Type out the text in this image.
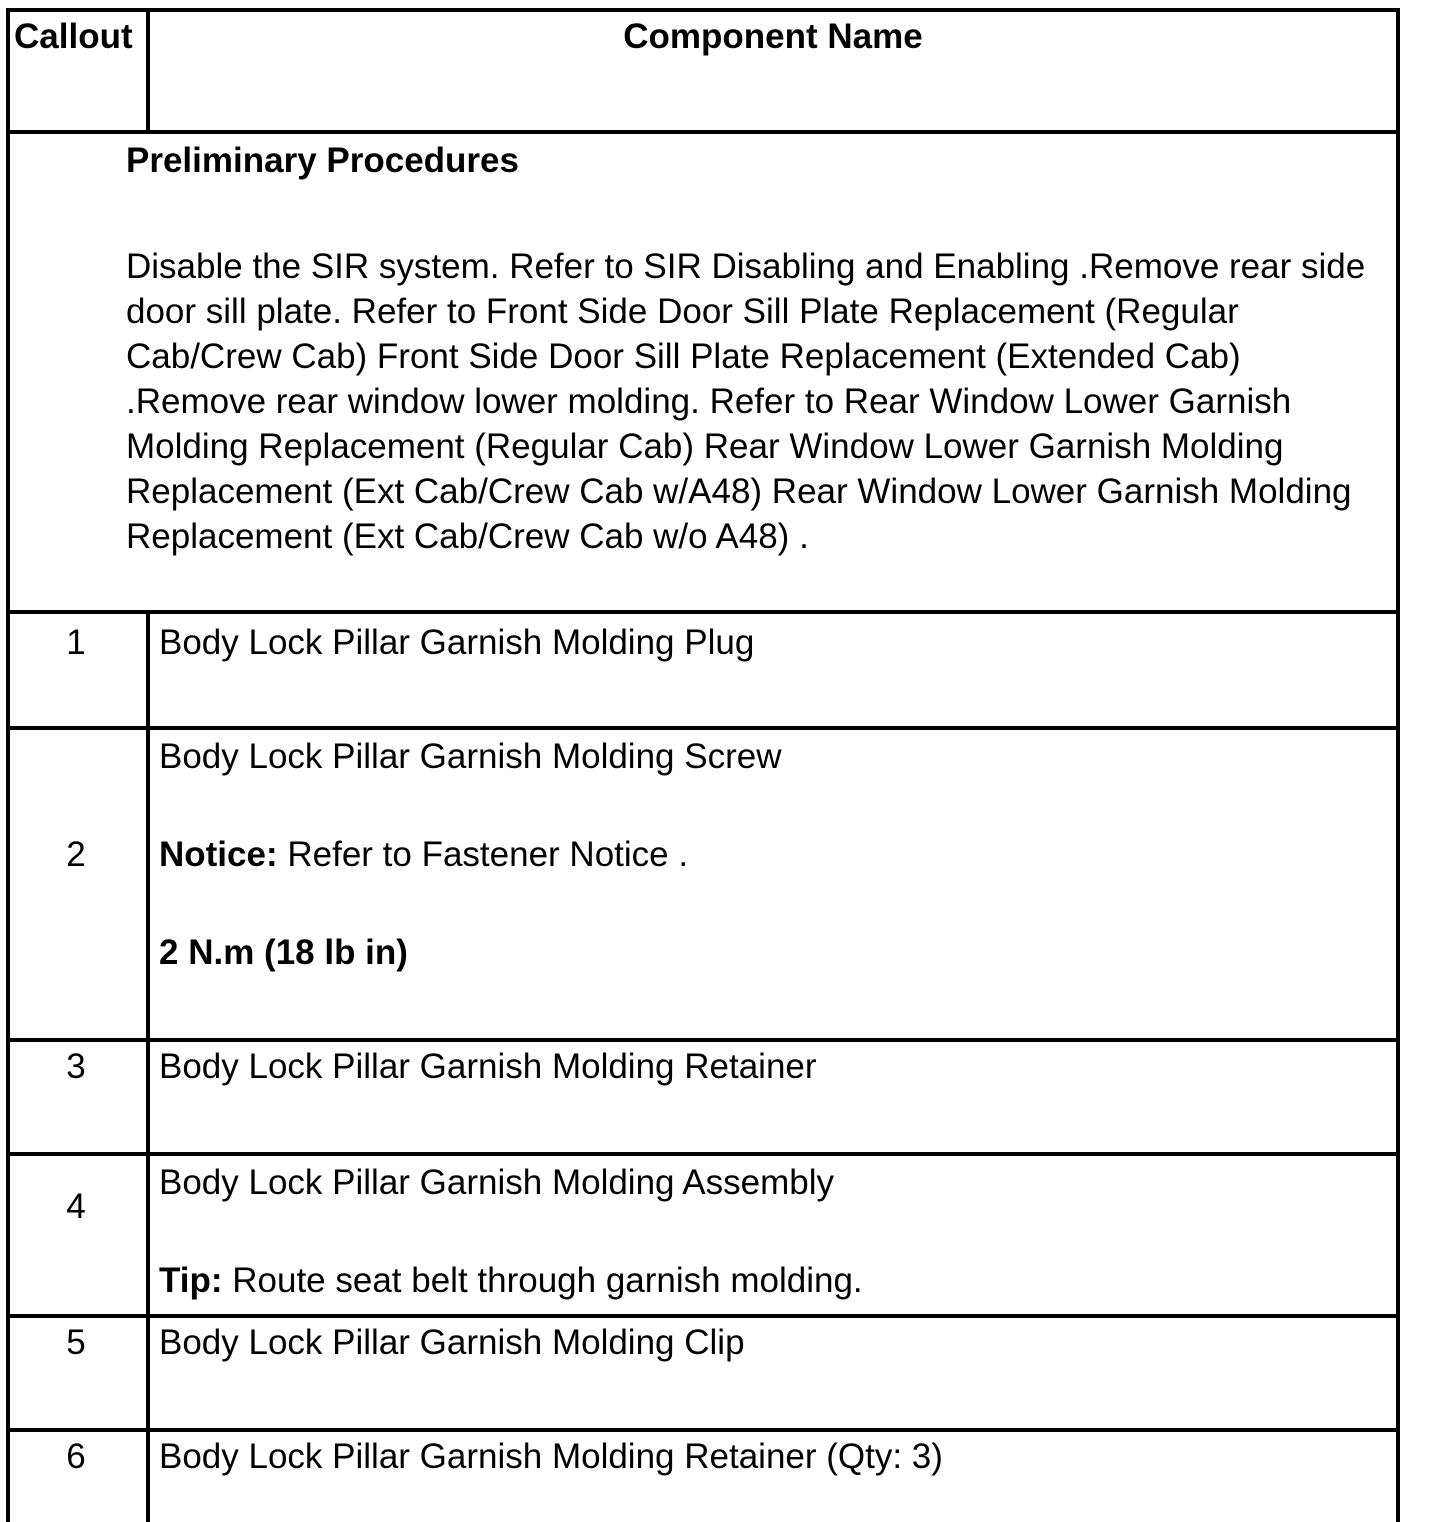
Callout	Component Name
Preliminary Procedures
Disable the SIR system. Refer to SIR Disabling and Enabling .Remove rear side door sill plate. Refer to Front Side Door Sill Plate Replacement (Regular Cab/Crew Cab) Front Side Door Sill Plate Replacement (Extended Cab) .Remove rear window lower molding. Refer to Rear Window Lower Garnish Molding Replacement (Regular Cab) Rear Window Lower Garnish Molding Replacement (Ext Cab/Crew Cab w/A48) Rear Window Lower Garnish Molding Replacement (Ext Cab/Crew Cab w/o A48) .
1	Body Lock Pillar Garnish Molding Plug
2
Body Lock Pillar Garnish Molding Screw
Notice: Refer to Fastener Notice .
2 N.m (18 lb in)
3	Body Lock Pillar Garnish Molding Retainer
4
Body Lock Pillar Garnish Molding Assembly
Tip: Route seat belt through garnish molding.
5	Body Lock Pillar Garnish Molding Clip
6	Body Lock Pillar Garnish Molding Retainer (Qty: 3)
